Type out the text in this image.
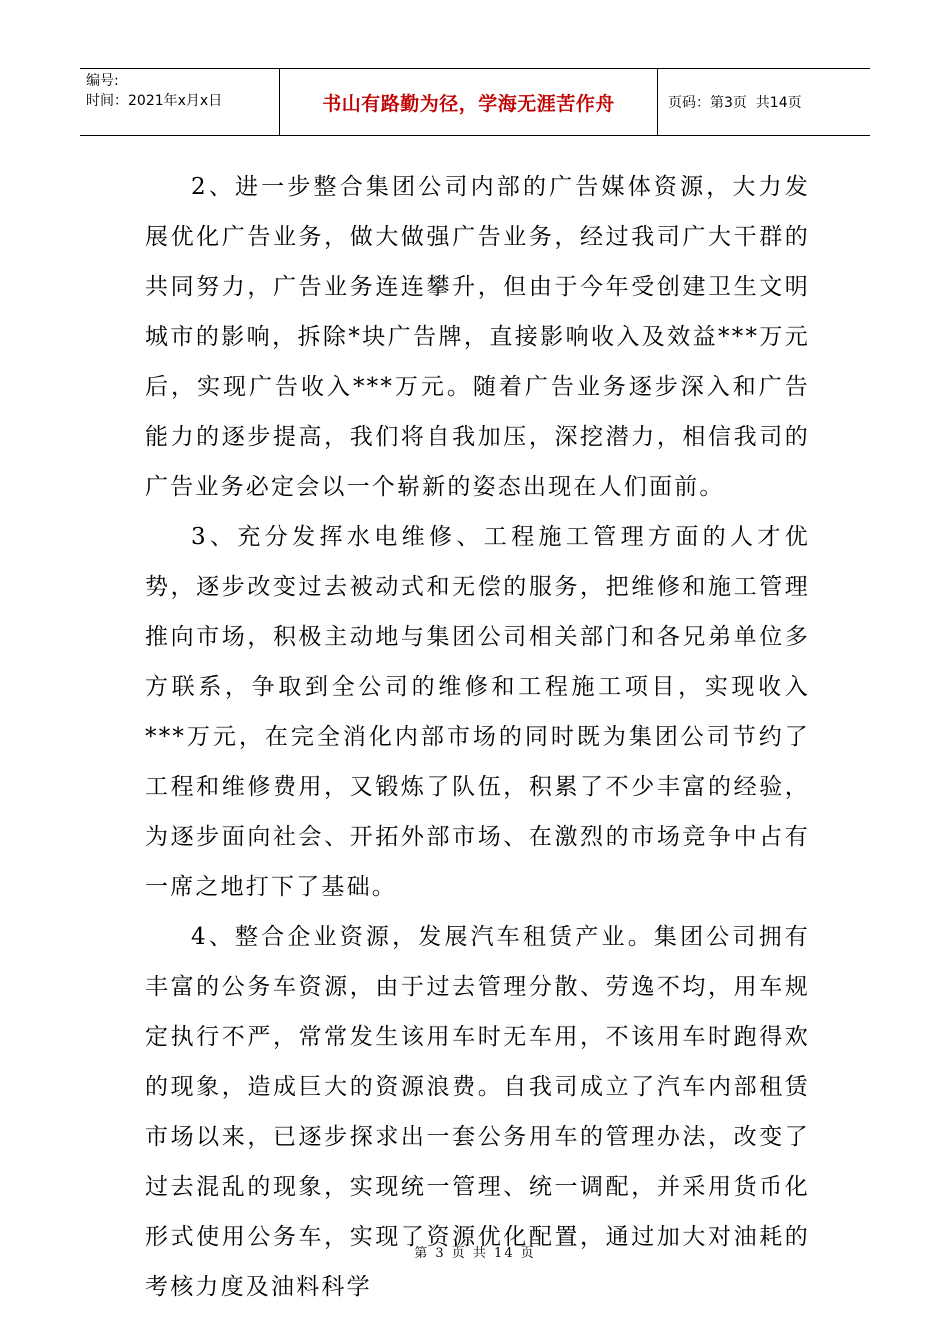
编号:
时间：2021年x月x日	书山有路勤为径，学海无涯苦作舟	页码：第3页  共14页

2、进一步整合集团公司内部的广告媒体资源，大力发展优化广告业务，做大做强广告业务，经过我司广大干群的共同努力，广告业务连连攀升，但由于今年受创建卫生文明城市的影响，拆除*块广告牌，直接影响收入及效益***万元后，实现广告收入***万元。随着广告业务逐步深入和广告能力的逐步提高，我们将自我加压，深挖潜力，相信我司的广告业务必定会以一个崭新的姿态出现在人们面前。

3、充分发挥水电维修、工程施工管理方面的人才优势，逐步改变过去被动式和无偿的服务，把维修和施工管理推向市场，积极主动地与集团公司相关部门和各兄弟单位多方联系，争取到全公司的维修和工程施工项目，实现收入***万元，在完全消化内部市场的同时既为集团公司节约了工程和维修费用，又锻炼了队伍，积累了不少丰富的经验，为逐步面向社会、开拓外部市场、在激烈的市场竞争中占有一席之地打下了基础。

4、整合企业资源，发展汽车租赁产业。集团公司拥有丰富的公务车资源，由于过去管理分散、劳逸不均，用车规定执行不严，常常发生该用车时无车用，不该用车时跑得欢的现象，造成巨大的资源浪费。自我司成立了汽车内部租赁市场以来，已逐步探求出一套公务用车的管理办法，改变了过去混乱的现象，实现统一管理、统一调配，并采用货币化形式使用公务车，实现了资源优化配置，通过加大对油耗的考核力度及油料科学

第 3 页 共 14 页
